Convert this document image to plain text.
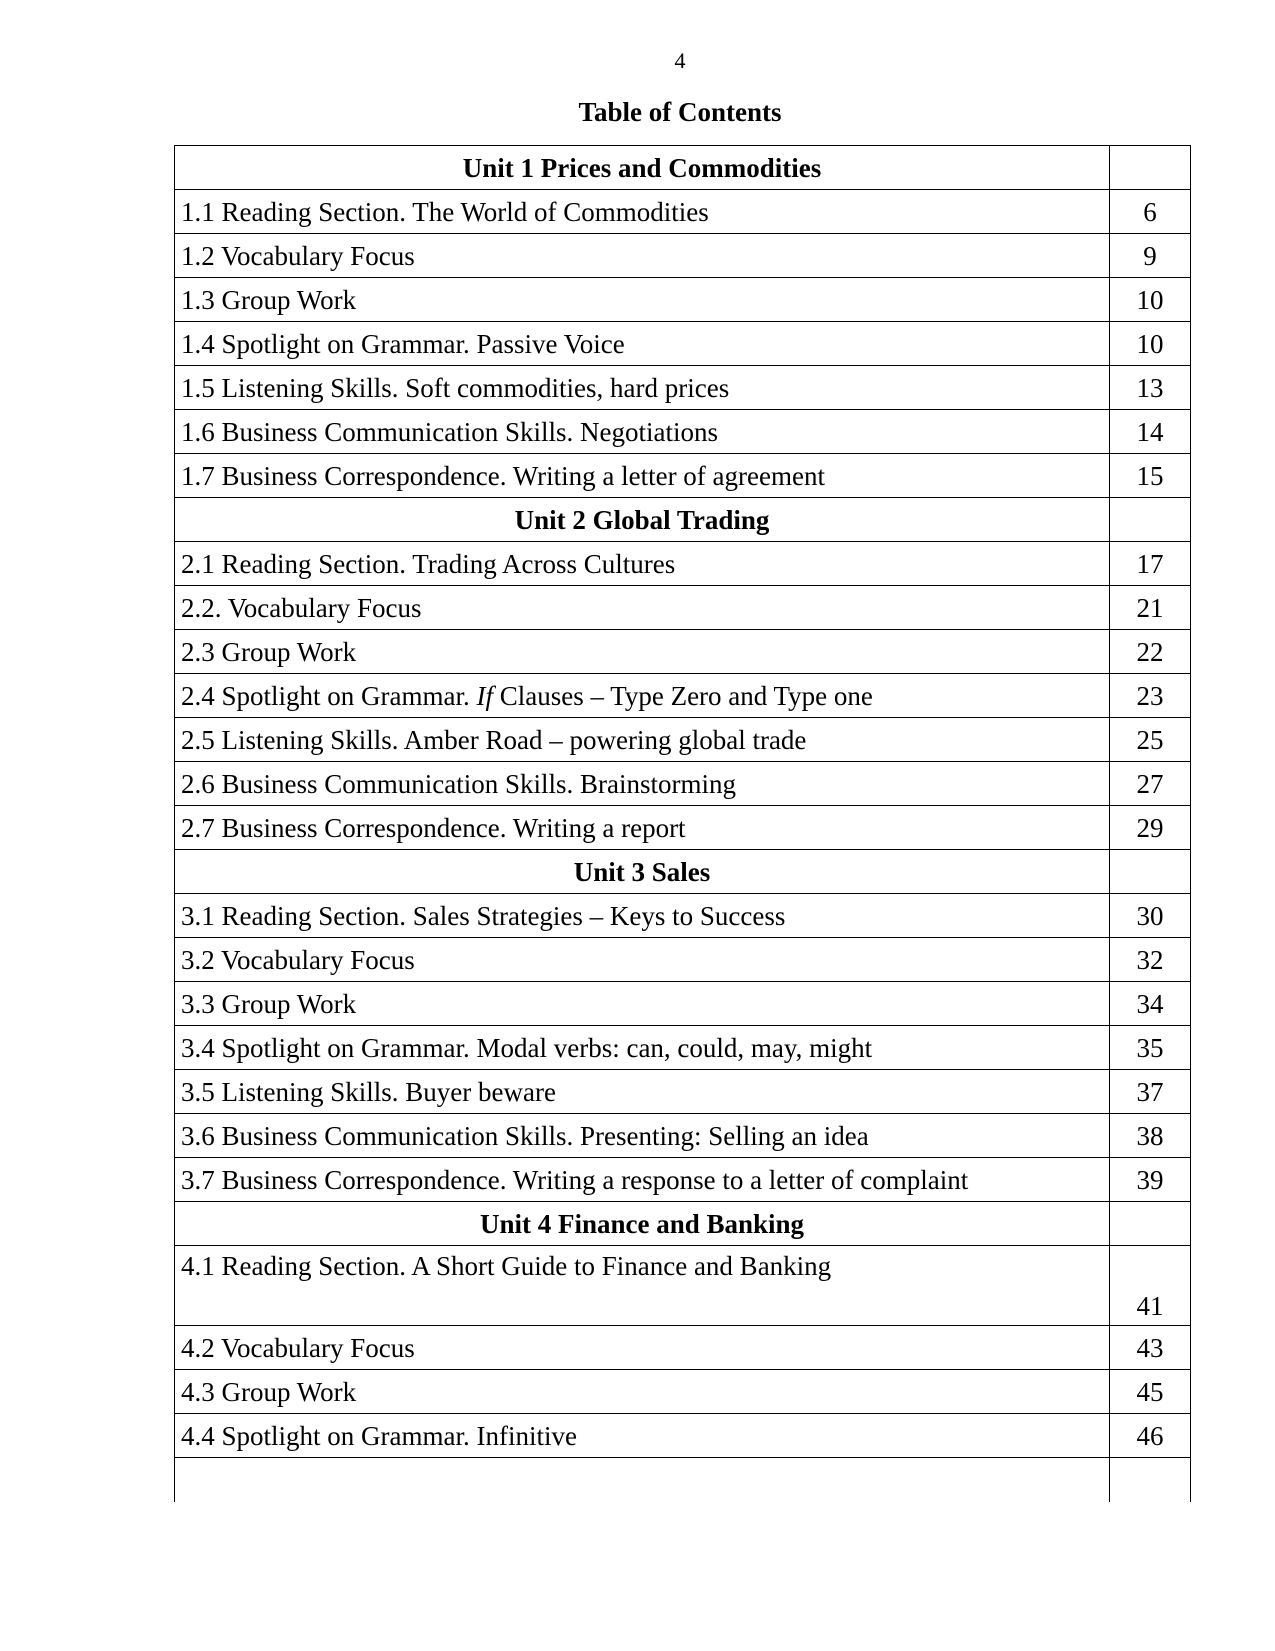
4
Table of Contents
Unit 1 Prices and Commodities	
1.1 Reading Section. The World of Commodities	6
1.2 Vocabulary Focus	9
1.3 Group Work	10
1.4 Spotlight on Grammar. Passive Voice	10
1.5 Listening Skills. Soft commodities, hard prices	13
1.6 Business Communication Skills. Negotiations	14
1.7 Business Correspondence. Writing a letter of agreement	15
Unit 2 Global Trading	
2.1 Reading Section. Trading Across Cultures	17
2.2. Vocabulary Focus	21
2.3 Group Work	22
2.4 Spotlight on Grammar. If Clauses – Type Zero and Type one	23
2.5 Listening Skills. Amber Road – powering global trade	25
2.6 Business Communication Skills. Brainstorming	27
2.7 Business Correspondence. Writing a report	29
Unit 3 Sales	
3.1 Reading Section. Sales Strategies – Keys to Success	30
3.2 Vocabulary Focus	32
3.3 Group Work	34
3.4 Spotlight on Grammar. Modal verbs: can, could, may, might	35
3.5 Listening Skills. Buyer beware	37
3.6 Business Communication Skills. Presenting: Selling an idea	38
3.7 Business Correspondence. Writing a response to a letter of complaint	39
Unit 4 Finance and Banking	
4.1 Reading Section. A Short Guide to Finance and Banking	41
4.2 Vocabulary Focus	43
4.3 Group Work	45
4.4 Spotlight on Grammar. Infinitive	46
